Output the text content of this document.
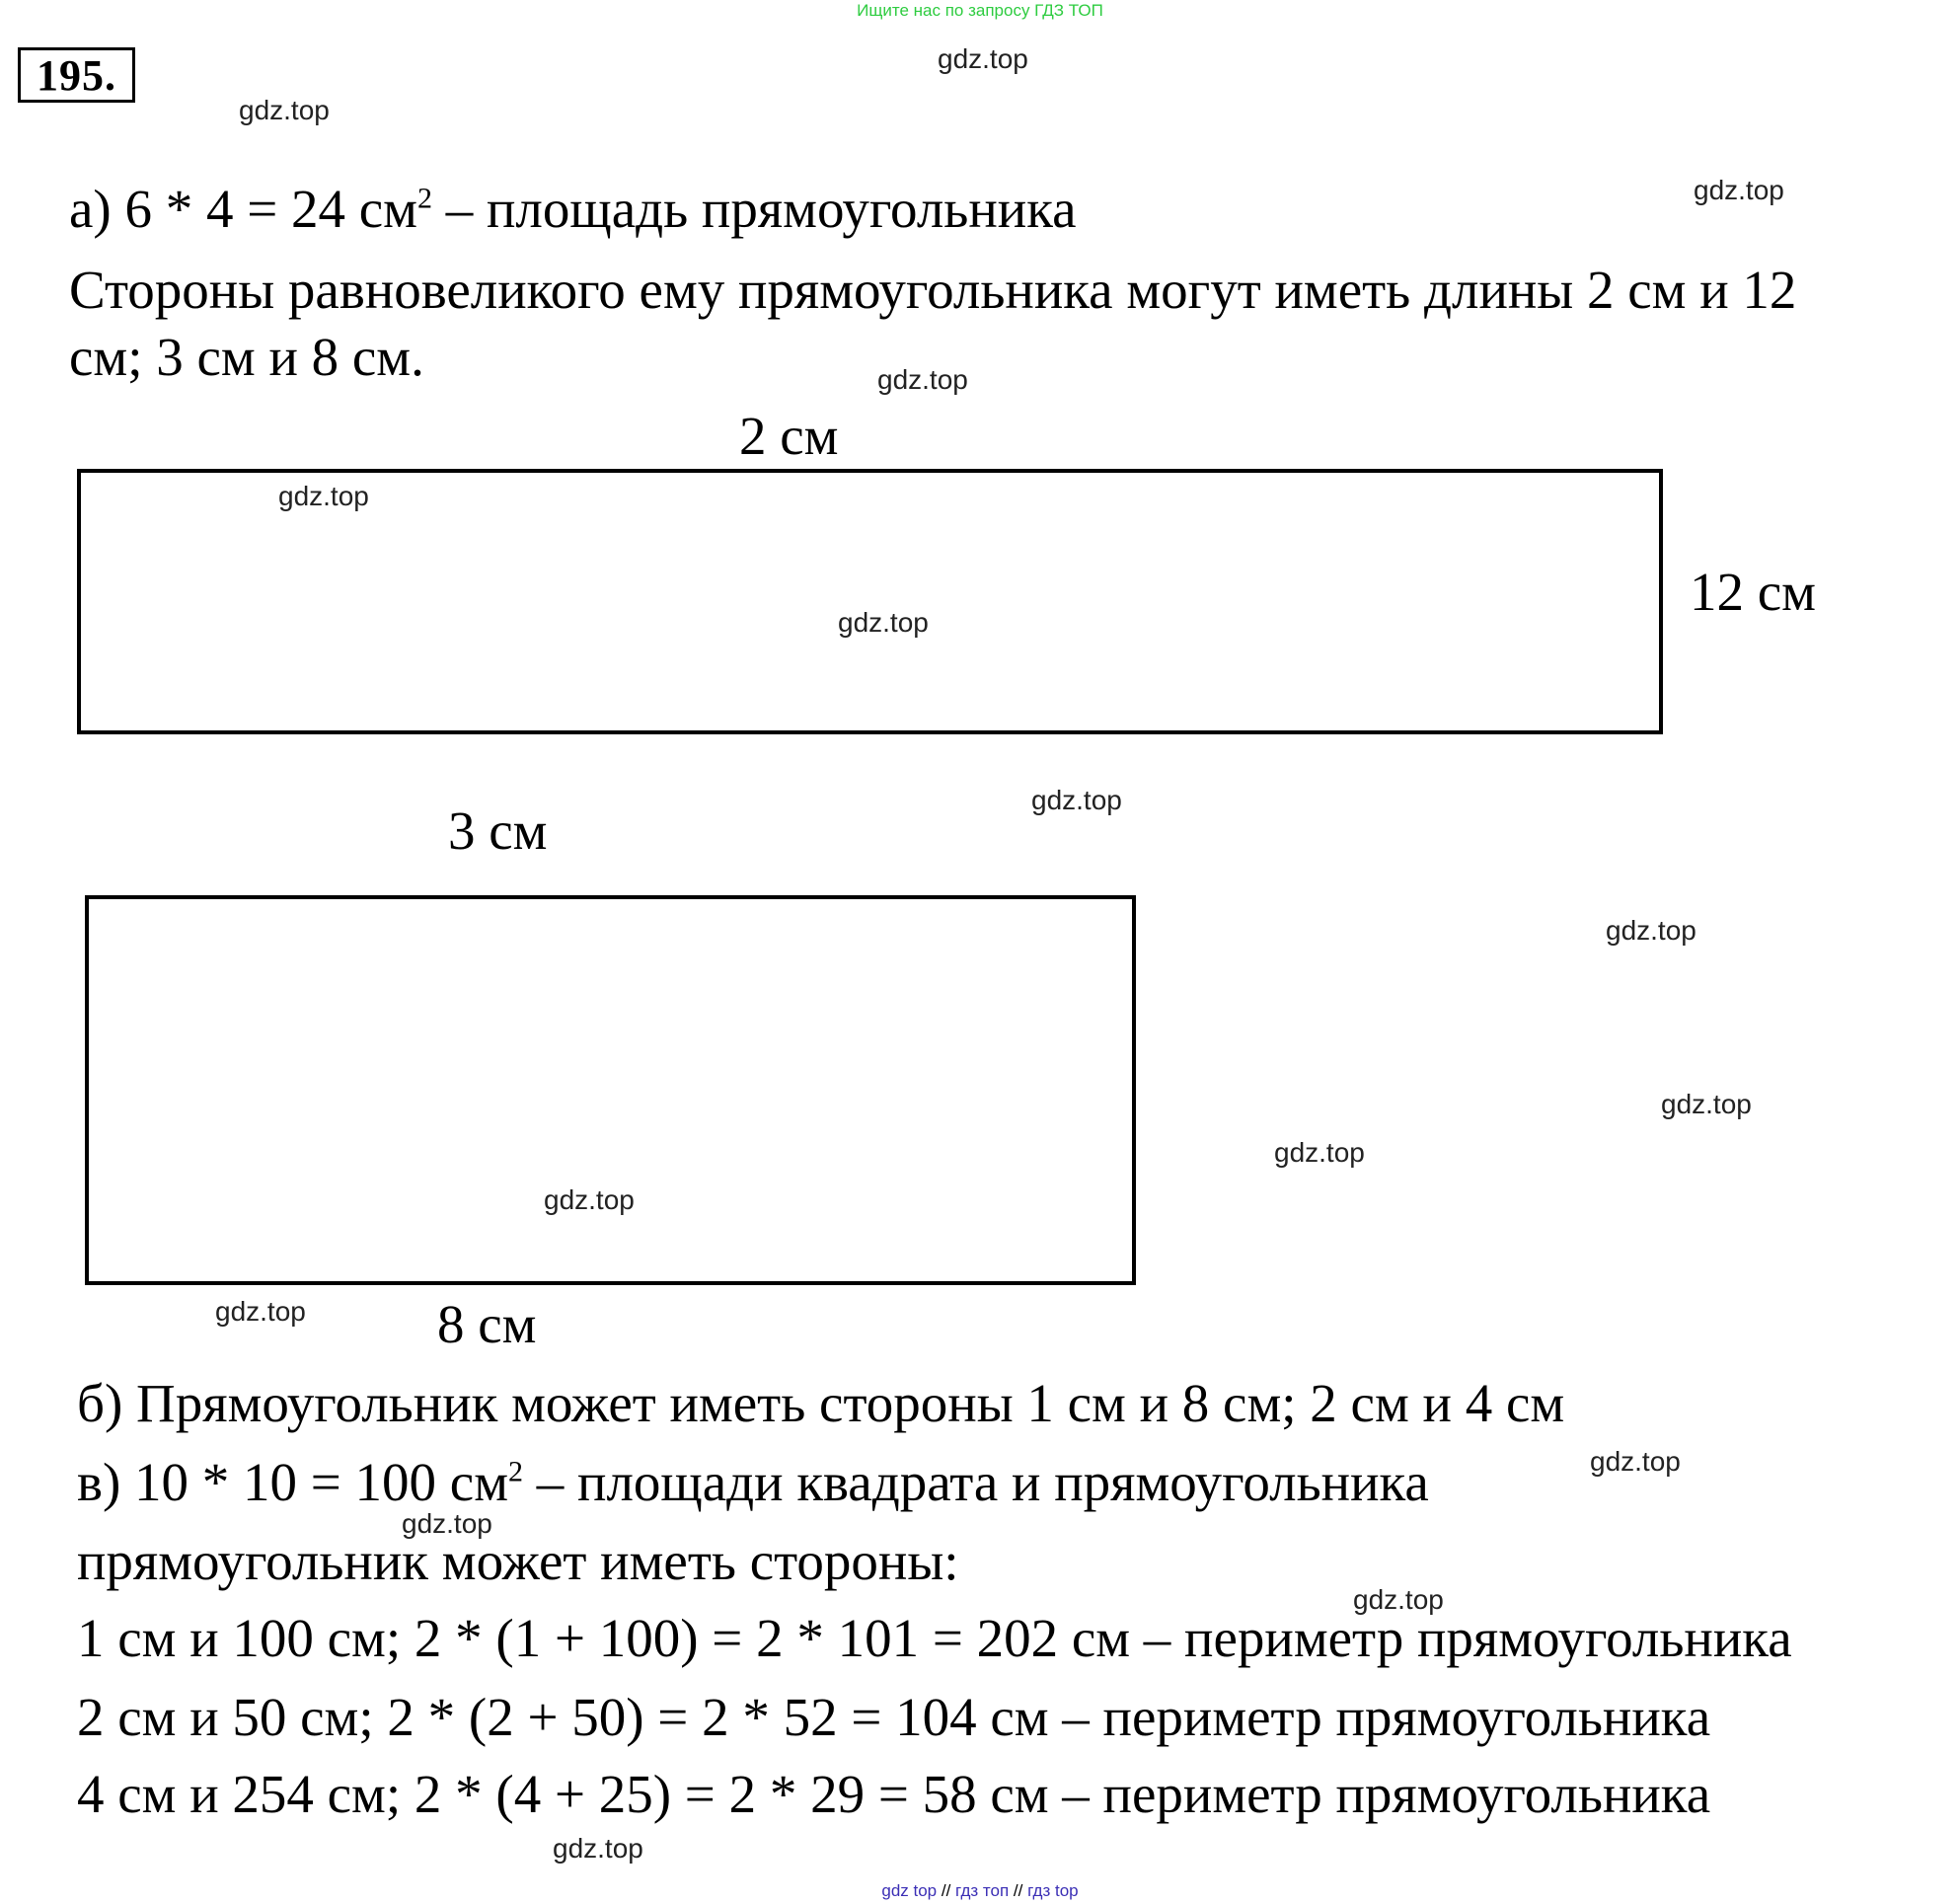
Ищите нас по запросу ГДЗ ТОП
195.	gdz.top
gdz.top
gdz.top
gdz.top
gdz.top
gdz.top
gdz.top
gdz.top
gdz.top
gdz.top
gdz.top
gdz.top
gdz.top
gdz.top
gdz.top
gdz.top
а) 6 * 4 = 24 $см^2$ – площадь прямоугольника
Стороны равновеликого ему прямоугольника могут иметь длины 2 см и 12
см; 3 см и 8 см.
2 см
12 см
3 см
8 см
б) Прямоугольник может иметь стороны 1 см и 8 см; 2 см и 4 см
в) 10 * 10 = 100 $см^2$ – площади квадрата и прямоугольника
прямоугольник может иметь стороны:
1 см и 100 см; 2 * (1 + 100) = 2 * 101 = 202 см – периметр прямоугольника
2 см и 50 см; 2 * (2 + 50) = 2 * 52 = 104 см – периметр прямоугольника
4 см и 254 см; 2 * (4 + 25) = 2 * 29 = 58 см – периметр прямоугольника
gdz top // гдз топ // гдз top
